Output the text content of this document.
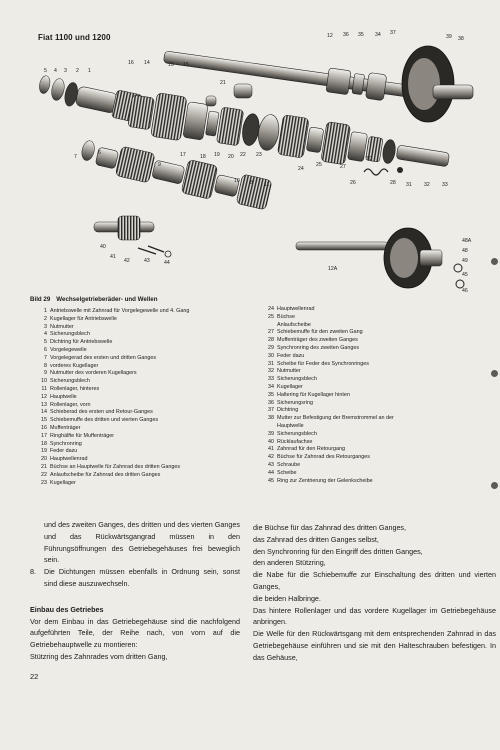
Fiat 1100 und 1200	12 36 35 34 37
39 38
5 4 3 2 1
16 14	13 15
21
17	18 19 20 22 23
24
25
26
27
30
28 31 32 33
7
6
9
10 8 11
40
41
42	43	44
12A
48A
48
49
45
46
Bild 29 Wechselgetrieberäder- und Wellen
1 Antriebswelle mit Zahnrad für Vorgelegewelle und 4. Gang
2 Kugellager für Antriebswelle
3 Nutmutter
4 Sicherungsblech
5 Dichtring für Antriebswelle
6 Vorgelegewelle
7 Vorgelegerad des ersten und dritten Ganges
8 vorderes Kugellager
9 Nutmutter des vorderen Kugellagers
10 Sicherungsblech
11 Rollenlager, hinteres
12 Hauptwelle
13 Rollenlager, vorn
14 Schieberad des ersten und Retour-Ganges
15 Schiebemuffe des dritten und vierten Ganges
16 Muffenträger
17 Ringhälfte für Muffenträger
18 Synchronring
19 Feder dazu
20 Hauptwellenrad
21 Büchse an Hauptwelle für Zahnrad des dritten Ganges
22 Anlaufscheibe für Zahnrad des dritten Ganges
23 Kugellager
24 Hauptwellenrad
25 Büchse
Anlaufscheibe
27 Schiebemuffe für den zweiten Gang
28 Muffenträger des zweiten Ganges
29 Synchronring des zweiten Ganges
30 Feder dazu
31 Scheibe für Feder des Synchronringes
32 Nutmutter
33 Sicherungsblech
34 Kugellager
35 Haltering für Kugellager hinten
36 Sicherungsring
37 Dichtring
38 Mutter zur Befestigung der Bremstrommel an der
Hauptwelle
39 Sicherungsblech
40 Rücklaufachse
41 Zahnrad für den Retourgang
42 Büchse für Zahnrad des Retourganges
43 Schraube
44 Scheibe
45 Ring zur Zentrierung der Gelenkscheibe
und des zweiten Ganges, des dritten und des vierten Ganges und das Rückwärtsgangrad müssen in den Führungsöffnungen des Getriebegehäuses frei beweglich sein.
8.	Die Dichtungen müssen ebenfalls in Ordnung sein, sonst sind diese auszuwechseln.
Einbau des Getriebes
Vor dem Einbau in das Getriebegehäuse sind die nachfolgend aufgeführten Teile, der Reihe nach, von vorn auf die Getriebehauptwelle zu montieren:
Stützring des Zahnrades vom dritten Gang,
die Büchse für das Zahnrad des dritten Ganges,
das Zahnrad des dritten Ganges selbst,
den Synchronring für den Eingriff des dritten Ganges,
den anderen Stützring,
die Nabe für die Schiebemuffe zur Einschaltung des dritten und vierten Ganges,
die beiden Halbringe.
Das hintere Rollenlager und das vordere Kugellager im Getriebegehäuse anbringen.
Die Welle für den Rückwärtsgang mit dem entsprechenden Zahnrad in das Getriebegehäuse einführen und sie mit den Halteschrauben befestigen. In das Gehäuse,
22
